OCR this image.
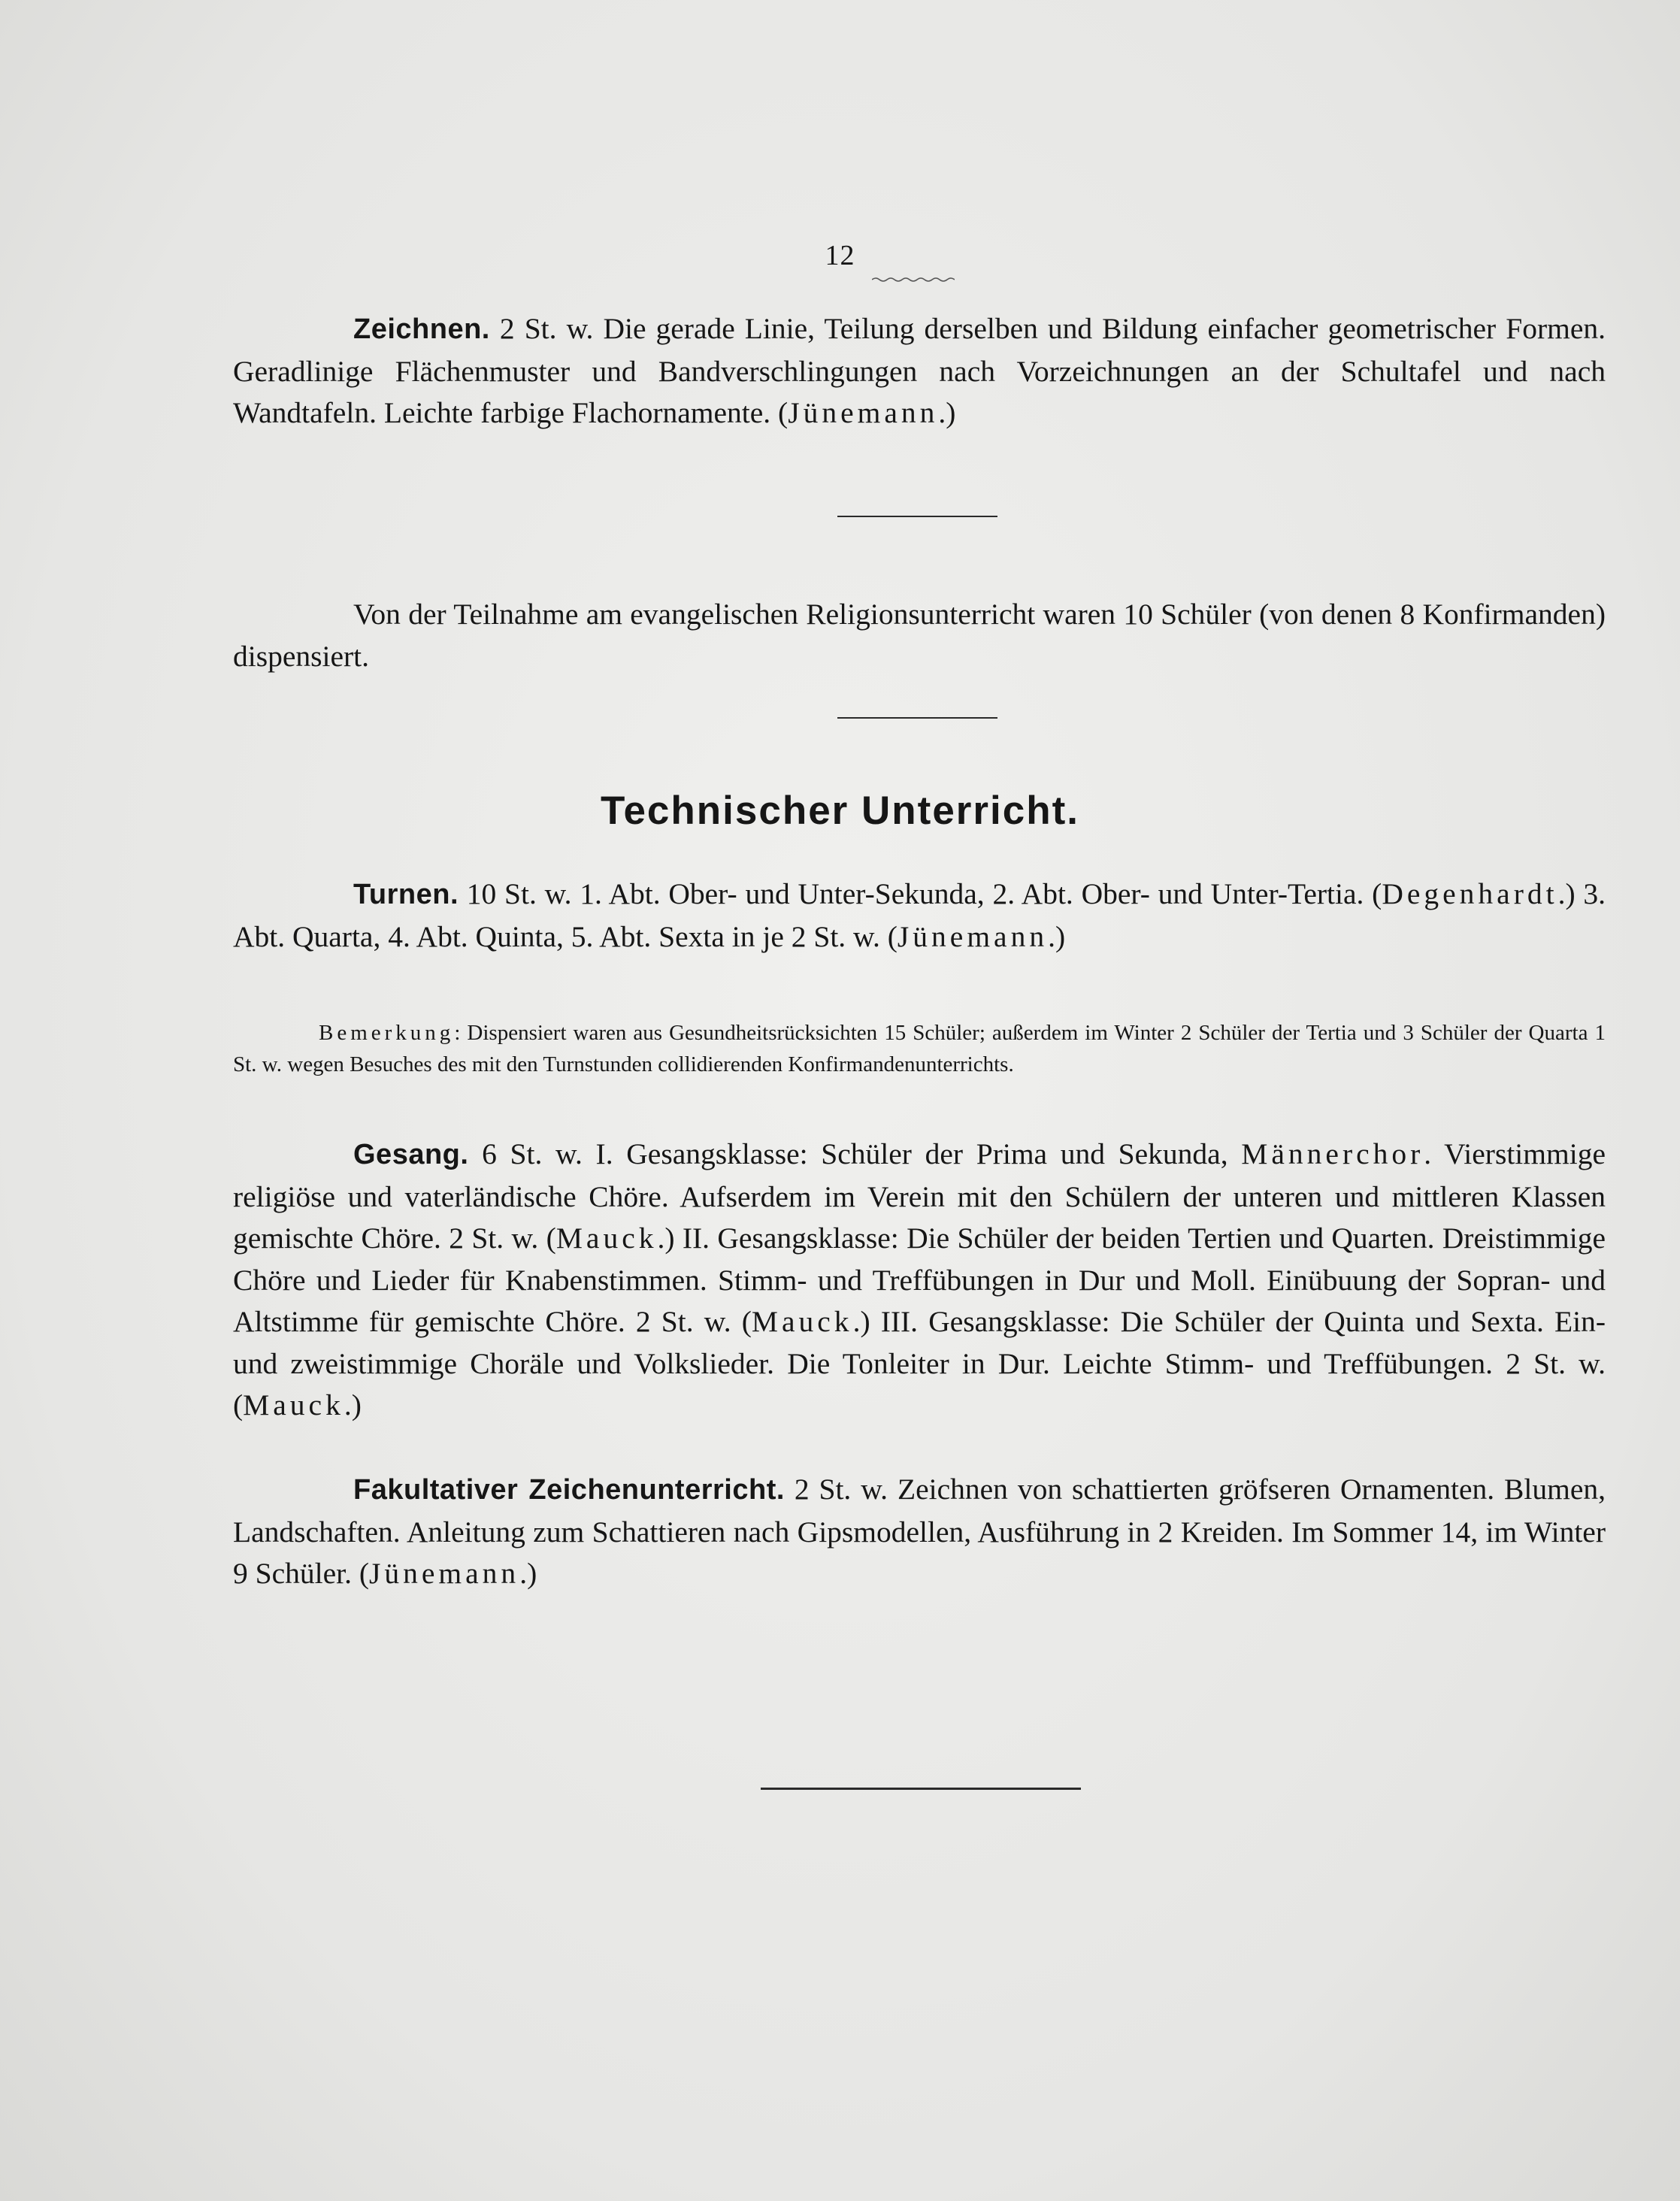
12

Zeichnen. 2 St. w. Die gerade Linie, Teilung derselben und Bildung einfacher geometrischer Formen. Geradlinige Flächenmuster und Bandverschlingungen nach Vorzeichnungen an der Schultafel und nach Wandtafeln. Leichte farbige Flachornamente. (Jünemann.)

Von der Teilnahme am evangelischen Religionsunterricht waren 10 Schüler (von denen 8 Konfirmanden) dispensiert.

Technischer Unterricht.

Turnen. 10 St. w. 1. Abt. Ober- und Unter-Sekunda, 2. Abt. Ober- und Unter-Tertia. (Degenhardt.) 3. Abt. Quarta, 4. Abt. Quinta, 5. Abt. Sexta in je 2 St. w. (Jünemann.)

Bemerkung: Dispensiert waren aus Gesundheitsrücksichten 15 Schüler; außerdem im Winter 2 Schüler der Tertia und 3 Schüler der Quarta 1 St. w. wegen Besuches des mit den Turnstunden collidierenden Konfirmandenunterrichts.

Gesang. 6 St. w. I. Gesangsklasse: Schüler der Prima und Sekunda, Männerchor. Vierstimmige religiöse und vaterländische Chöre. Aufserdem im Verein mit den Schülern der unteren und mittleren Klassen gemischte Chöre. 2 St. w. (Mauck.) II. Gesangsklasse: Die Schüler der beiden Tertien und Quarten. Dreistimmige Chöre und Lieder für Knabenstimmen. Stimm- und Treffübungen in Dur und Moll. Einübuung der Sopran- und Altstimme für gemischte Chöre. 2 St. w. (Mauck.) III. Gesangsklasse: Die Schüler der Quinta und Sexta. Ein- und zweistimmige Choräle und Volkslieder. Die Tonleiter in Dur. Leichte Stimm- und Treffübungen. 2 St. w. (Mauck.)

Fakultativer Zeichenunterricht. 2 St. w. Zeichnen von schattierten gröfseren Ornamenten. Blumen, Landschaften. Anleitung zum Schattieren nach Gipsmodellen, Ausführung in 2 Kreiden. Im Sommer 14, im Winter 9 Schüler. (Jünemann.)
